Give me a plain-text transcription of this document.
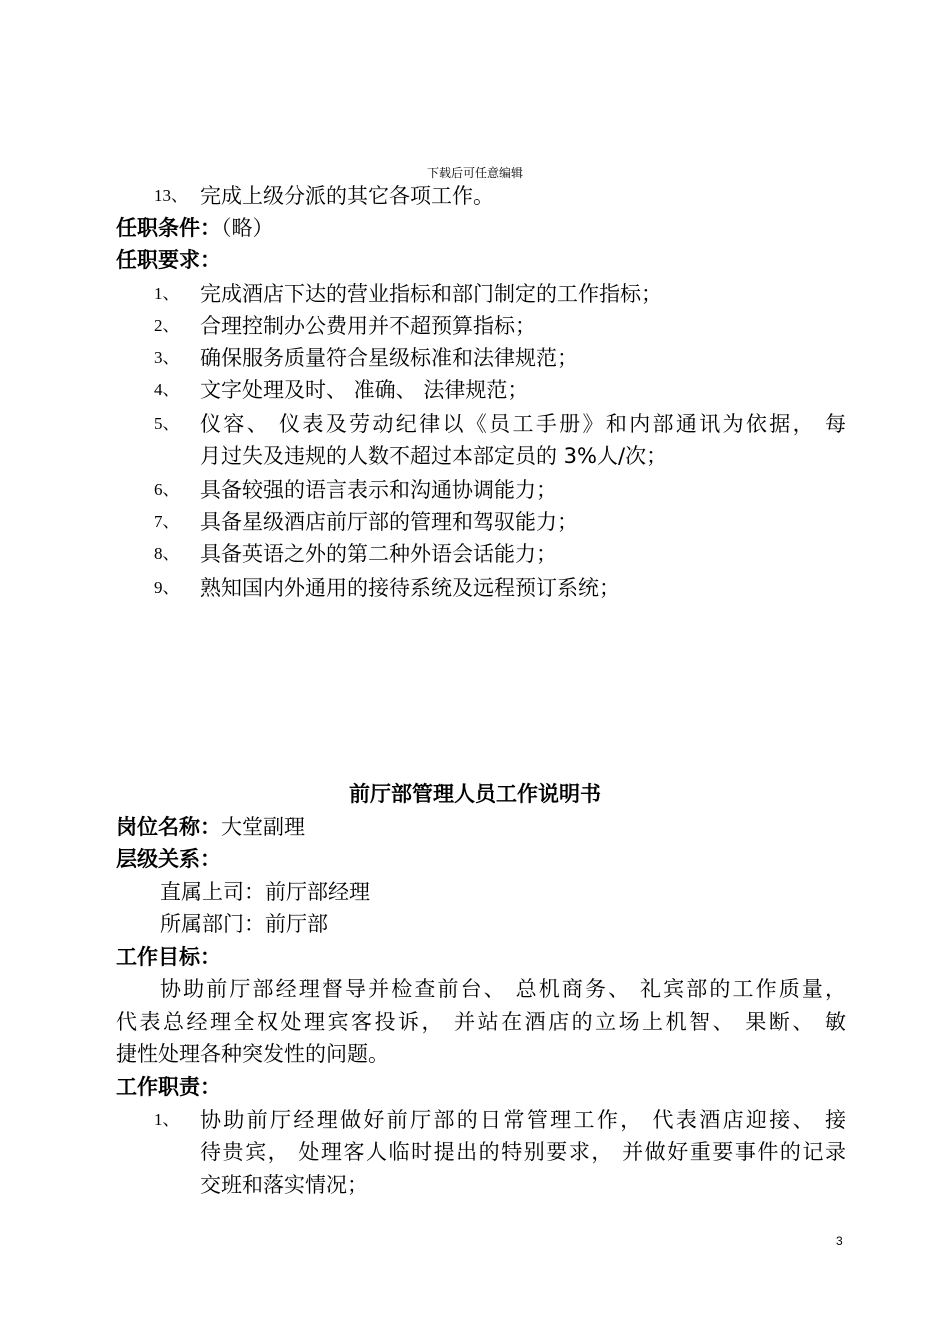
下载后可任意编辑
13、 完成上级分派的其它各项工作。
任职条件：（略）
任职要求：
1、 完成酒店下达的营业指标和部门制定的工作指标；
2、 合理控制办公费用并不超预算指标；
3、 确保服务质量符合星级标准和法律规范；
4、 文字处理及时、 准确、 法律规范；
5、 仪容、 仪表及劳动纪律以《员工手册》和内部通讯为依据， 每
月过失及违规的人数不超过本部定员的 3%人/次；
6、 具备较强的语言表示和沟通协调能力；
7、 具备星级酒店前厅部的管理和驾驭能力；
8、 具备英语之外的第二种外语会话能力；
9、 熟知国内外通用的接待系统及远程预订系统；
前厅部管理人员工作说明书
岗位名称：大堂副理
层级关系：
直属上司：前厅部经理
所属部门：前厅部
工作目标：
协助前厅部经理督导并检查前台、 总机商务、 礼宾部的工作质量，
代表总经理全权处理宾客投诉， 并站在酒店的立场上机智、 果断、 敏
捷性处理各种突发性的问题。
工作职责：
1、 协助前厅经理做好前厅部的日常管理工作， 代表酒店迎接、 接
待贵宾， 处理客人临时提出的特别要求， 并做好重要事件的记录
交班和落实情况；
3
